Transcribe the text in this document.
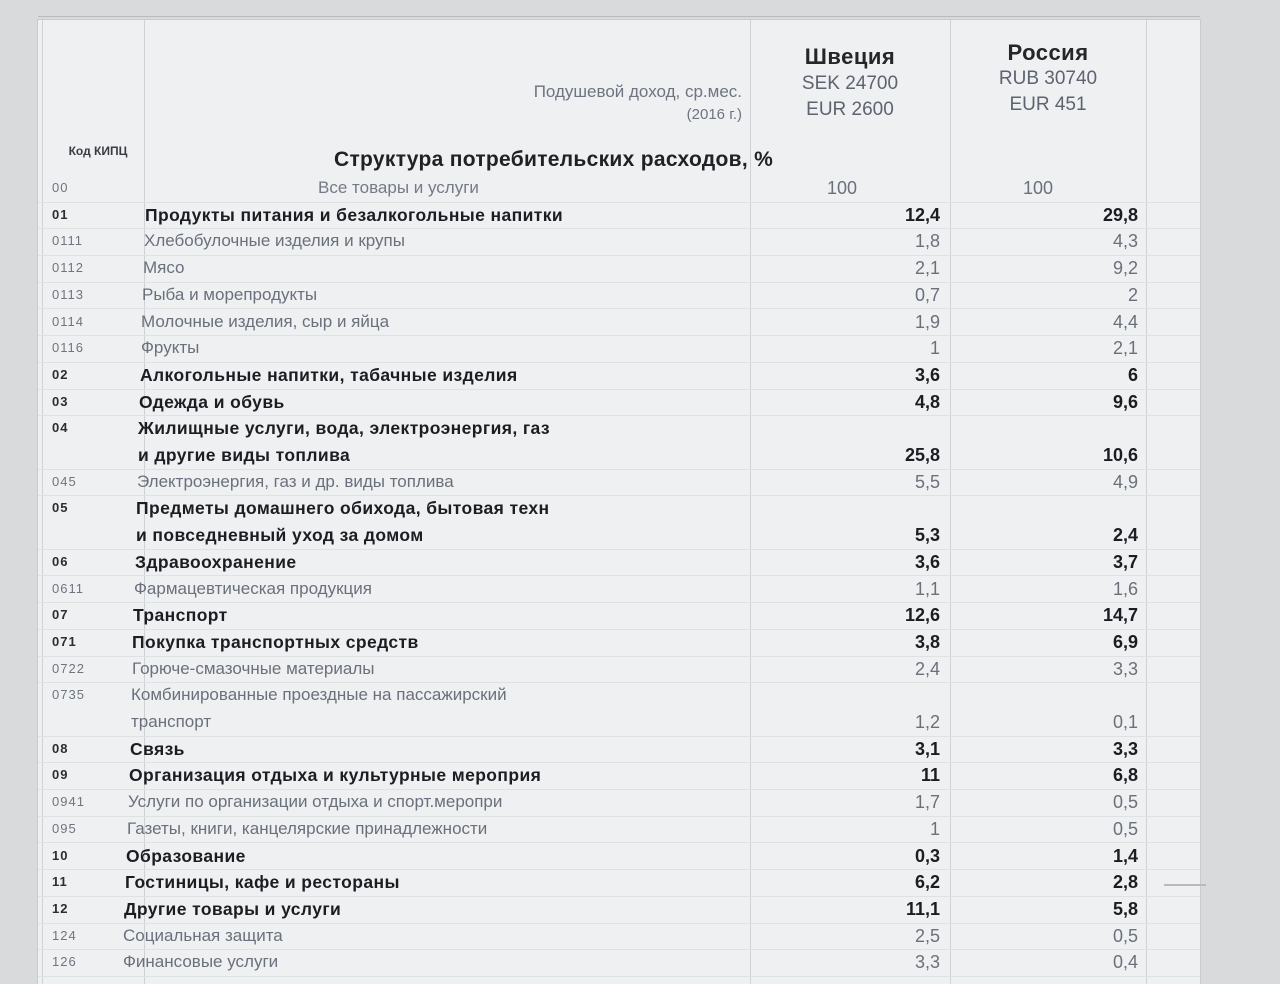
Подушевой доход, ср.мес.
(2016 г.)
Швеция
SEK 24700
EUR 2600
Россия
RUB 30740
EUR 451
Код КИПЦ	Структура потребительских расходов, %
00	Все товары и услуги	100	100
01	Продукты питания и безалкогольные напитки	12,4	29,8
0111	Хлебобулочные изделия и крупы	1,8	4,3
0112	Мясо	2,1	9,2
0113	Рыба и морепродукты	0,7	2
0114	Молочные изделия, сыр и яйца	1,9	4,4
0116	Фрукты	1	2,1
02	Алкогольные напитки, табачные изделия	3,6	6
03	Одежда и обувь	4,8	9,6
04	Жилищные услуги, вода, электроэнергия, газ
и другие виды топлива	25,8	10,6
045	Электроэнергия, газ и др. виды топлива	5,5	4,9
05	Предметы домашнего обихода, бытовая техн
и повседневный уход за домом	5,3	2,4
06	Здравоохранение	3,6	3,7
0611	Фармацевтическая продукция	1,1	1,6
07	Транспорт	12,6	14,7
071	Покупка транспортных средств	3,8	6,9
0722	Горюче-смазочные материалы	2,4	3,3
0735	Комбинированные проездные на пассажирский
транспорт	1,2	0,1
08	Связь	3,1	3,3
09	Организация отдыха и культурные мероприя	11	6,8
0941	Услуги по организации отдыха и спорт.меропри	1,7	0,5
095	Газеты, книги, канцелярские принадлежности	1	0,5
10	Образование	0,3	1,4
11	Гостиницы, кафе и рестораны	6,2	2,8
12	Другие товары и услуги	11,1	5,8
124	Социальная защита	2,5	0,5
126	Финансовые услуги	3,3	0,4
